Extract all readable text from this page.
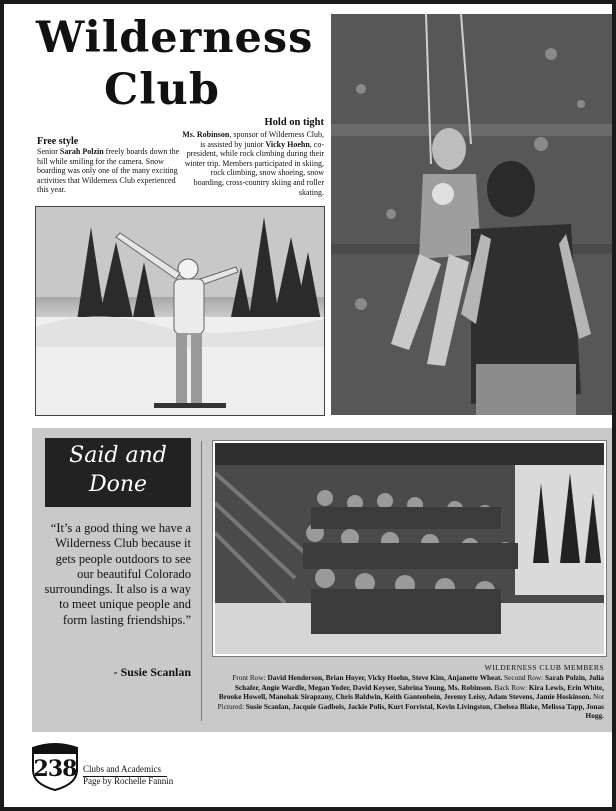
Wilderness
Club
Free style
Senior Sarah Polzin freely boards down the hill while smiling for the camera. Snow boarding was only one of the many exciting activities that Wilderness Club experienced this year.
Hold on tight
Ms. Robinson, sponsor of Wilderness Club, is assisted by junior Vicky Hoehn, co-president, while rock climbing during their winter trip. Members participated in skiing, rock climbing, snow shoeing, snow boarding, cross-country skiing and roller skating.
Said and
Done
“It’s a good thing we have a Wilderness Club because it gets people outdoors to see our beautiful Colorado surroundings. It also is a way to meet unique people and form lasting friendships.”
- Susie Scanlan	WILDERNESS CLUB MEMBERS
Front Row: David Henderson, Brian Hoyer, Vicky Hoehn, Steve Kim, Anjanette Wheat. Second Row: Sarah Polzin, Julia Schafer, Angie Wardle, Megan Yoder, David Keyser, Sabrina Young, Ms. Robinson. Back Row: Kira Lewis, Erin White, Brooke Howell, Manohak Sirapzany, Chris Baldwin, Keith Gantenbein, Jeremy Leisy, Adam Stevens, Jamie Hoskinson. Not Pictured: Susie Scanlan, Jacquie Gadbois, Jackie Polis, Kurt Forristal, Kevin Livingston, Chelsea Blake, Melissa Tapp, Jonas Hogg.
238 Clubs and Academics
Page by Rochelle Fannin
